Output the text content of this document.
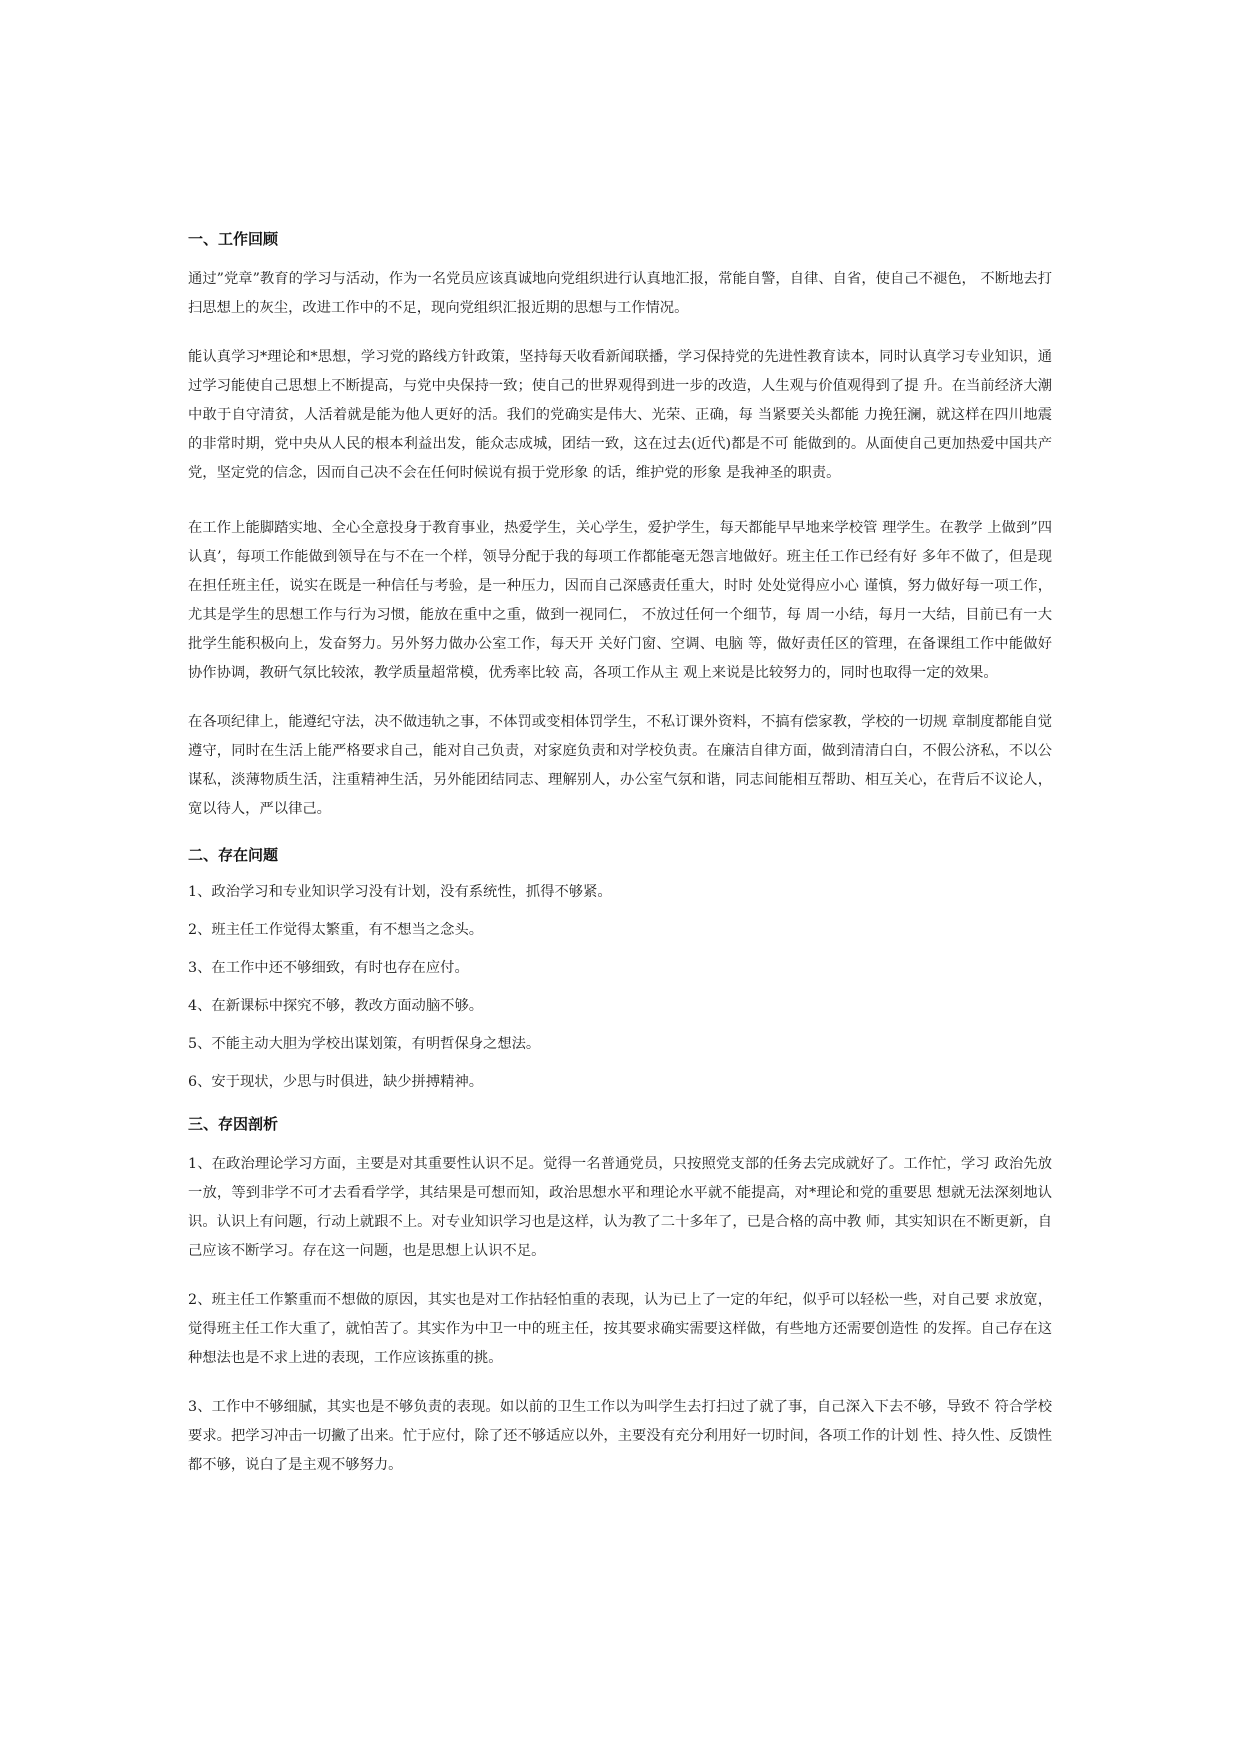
一、工作回顾

通过”党章”教育的学习与活动，作为一名党员应该真诚地向党组织进行认真地汇报，常能自警，自律、自省，使自己不褪色， 不断地去打扫思想上的灰尘，改进工作中的不足，现向党组织汇报近期的思想与工作情况。

能认真学习*理论和*思想，学习党的路线方针政策，坚持每天收看新闻联播，学习保持党的先进性教育读本，同时认真学习专业知识，通过学习能使自己思想上不断提高，与党中央保持一致；使自己的世界观得到进一步的改造，人生观与价值观得到了提 升。在当前经济大潮中敢于自守清贫，人活着就是能为他人更好的活。我们的党确实是伟大、光荣、正确，每 当紧要关头都能 力挽狂澜，就这样在四川地震的非常时期，党中央从人民的根本利益出发，能众志成城，团结一致，这在过去(近代)都是不可 能做到的。从面使自己更加热爱中国共产党，坚定党的信念，因而自己决不会在任何时候说有损于党形象 的话，维护党的形象 是我神圣的职责。

在工作上能脚踏实地、全心全意投身于教育事业，热爱学生，关心学生，爱护学生，每天都能早早地来学校管 理学生。在教学 上做到”四认真’，每项工作能做到领导在与不在一个样，领导分配于我的每项工作都能毫无怨言地做好。班主任工作已经有好 多年不做了，但是现在担任班主任，说实在既是一种信任与考验，是一种压力，因而自己深感责任重大，时时 处处觉得应小心 谨慎，努力做好每一项工作，尤其是学生的思想工作与行为习惯，能放在重中之重，做到一视同仁， 不放过任何一个细节，每 周一小结，每月一大结，目前已有一大批学生能积极向上，发奋努力。另外努力做办公室工作，每天开 关好门窗、空调、电脑 等，做好责任区的管理，在备课组工作中能做好协作协调，教研气氛比较浓，教学质量超常模，优秀率比较 高，各项工作从主 观上来说是比较努力的，同时也取得一定的效果。

在各项纪律上，能遵纪守法，决不做违轨之事，不体罚或变相体罚学生，不私订课外资料，不搞有偿家教，学校的一切规 章制度都能自觉遵守，同时在生活上能严格要求自己，能对自己负责，对家庭负责和对学校负责。在廉洁自律方面，做到清清白白，不假公济私，不以公谋私，淡薄物质生活，注重精神生活，另外能团结同志、理解别人，办公室气氛和谐，同志间能相互帮助、相互关心，在背后不议论人，宽以待人，严以律己。

二、存在问题
1、政治学习和专业知识学习没有计划，没有系统性，抓得不够紧。
2、班主任工作觉得太繁重，有不想当之念头。
3、在工作中还不够细致，有时也存在应付。
4、在新课标中探究不够，教改方面动脑不够。
5、不能主动大胆为学校出谋划策，有明哲保身之想法。
6、安于现状，少思与时俱进，缺少拼搏精神。
三、存因剖析

1、在政治理论学习方面，主要是对其重要性认识不足。觉得一名普通党员，只按照党支部的任务去完成就好了。工作忙，学习 政治先放一放，等到非学不可才去看看学学，其结果是可想而知，政治思想水平和理论水平就不能提高，对*理论和党的重要思 想就无法深刻地认识。认识上有问题，行动上就跟不上。对专业知识学习也是这样，认为教了二十多年了，已是合格的高中教 师，其实知识在不断更新，自己应该不断学习。存在这一问题，也是思想上认识不足。

2、班主任工作繁重而不想做的原因，其实也是对工作拈轻怕重的表现，认为已上了一定的年纪，似乎可以轻松一些，对自己要 求放宽，觉得班主任工作大重了，就怕苦了。其实作为中卫一中的班主任，按其要求确实需要这样做，有些地方还需要创造性 的发挥。自己存在这种想法也是不求上进的表现，工作应该拣重的挑。

3、工作中不够细腻，其实也是不够负责的表现。如以前的卫生工作以为叫学生去打扫过了就了事，自己深入下去不够，导致不 符合学校要求。把学习冲击一切撇了出来。忙于应付，除了还不够适应以外，主要没有充分利用好一切时间，各项工作的计划 性、持久性、反馈性都不够，说白了是主观不够努力。
